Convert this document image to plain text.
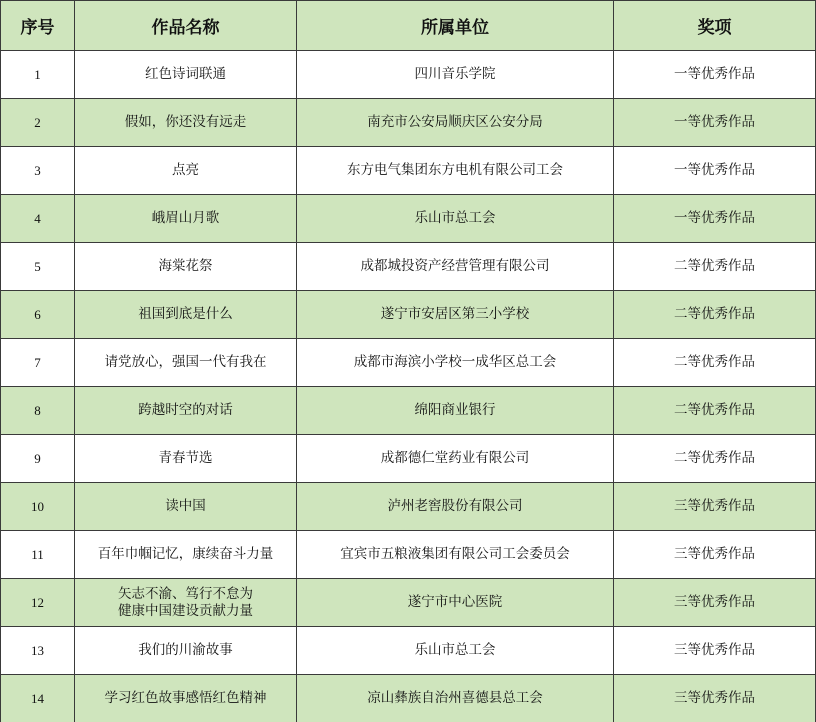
序号	作品名称	所属单位	奖项
1	红色诗词联通	四川音乐学院	一等优秀作品
2	假如，你还没有远走	南充市公安局顺庆区公安分局	一等优秀作品
3	点亮	东方电气集团东方电机有限公司工会	一等优秀作品
4	峨眉山月歌	乐山市总工会	一等优秀作品
5	海棠花祭	成都城投资产经营管理有限公司	二等优秀作品
6	祖国到底是什么	遂宁市安居区第三小学校	二等优秀作品
7	请党放心，强国一代有我在	成都市海滨小学校一成华区总工会	二等优秀作品
8	跨越时空的对话	绵阳商业银行	二等优秀作品
9	青春节选	成都德仁堂药业有限公司	二等优秀作品
10	读中国	泸州老窖股份有限公司	三等优秀作品
11	百年巾帼记忆，康续奋斗力量	宜宾市五粮液集团有限公司工会委员会	三等优秀作品
12	矢志不渝、笃行不怠为
健康中国建设贡献力量	遂宁市中心医院	三等优秀作品
13	我们的川渝故事	乐山市总工会	三等优秀作品
14	学习红色故事感悟红色精神	凉山彝族自治州喜德县总工会	三等优秀作品
